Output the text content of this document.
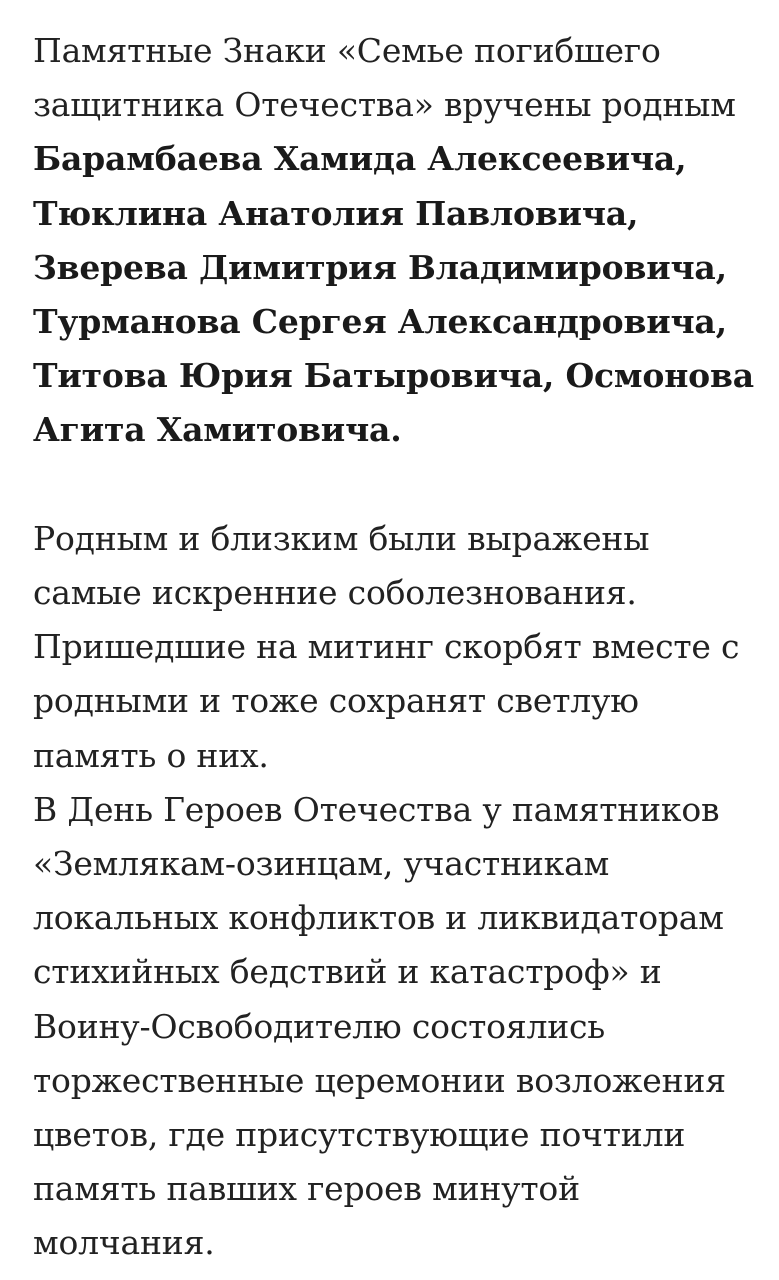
Памятные Знаки «Семье погибшего
защитника Отечества» вручены родным
Барамбаева Хамида Алексеевича,
Тюклина Анатолия Павловича,
Зверева Димитрия Владимировича,
Турманова Сергея Александровича,
Титова Юрия Батыровича, Осмонова
Агита Хамитовича.

Родным и близким были выражены
самые искренние соболезнования.
Пришедшие на митинг скорбят вместе с
родными и тоже сохранят светлую
память о них.

В День Героев Отечества у памятников
«Землякам-озинцам, участникам
локальных конфликтов и ликвидаторам
стихийных бедствий и катастроф» и
Воину-Освободителю состоялись
торжественные церемонии возложения
цветов, где присутствующие почтили
память павших героев минутой
молчания.
